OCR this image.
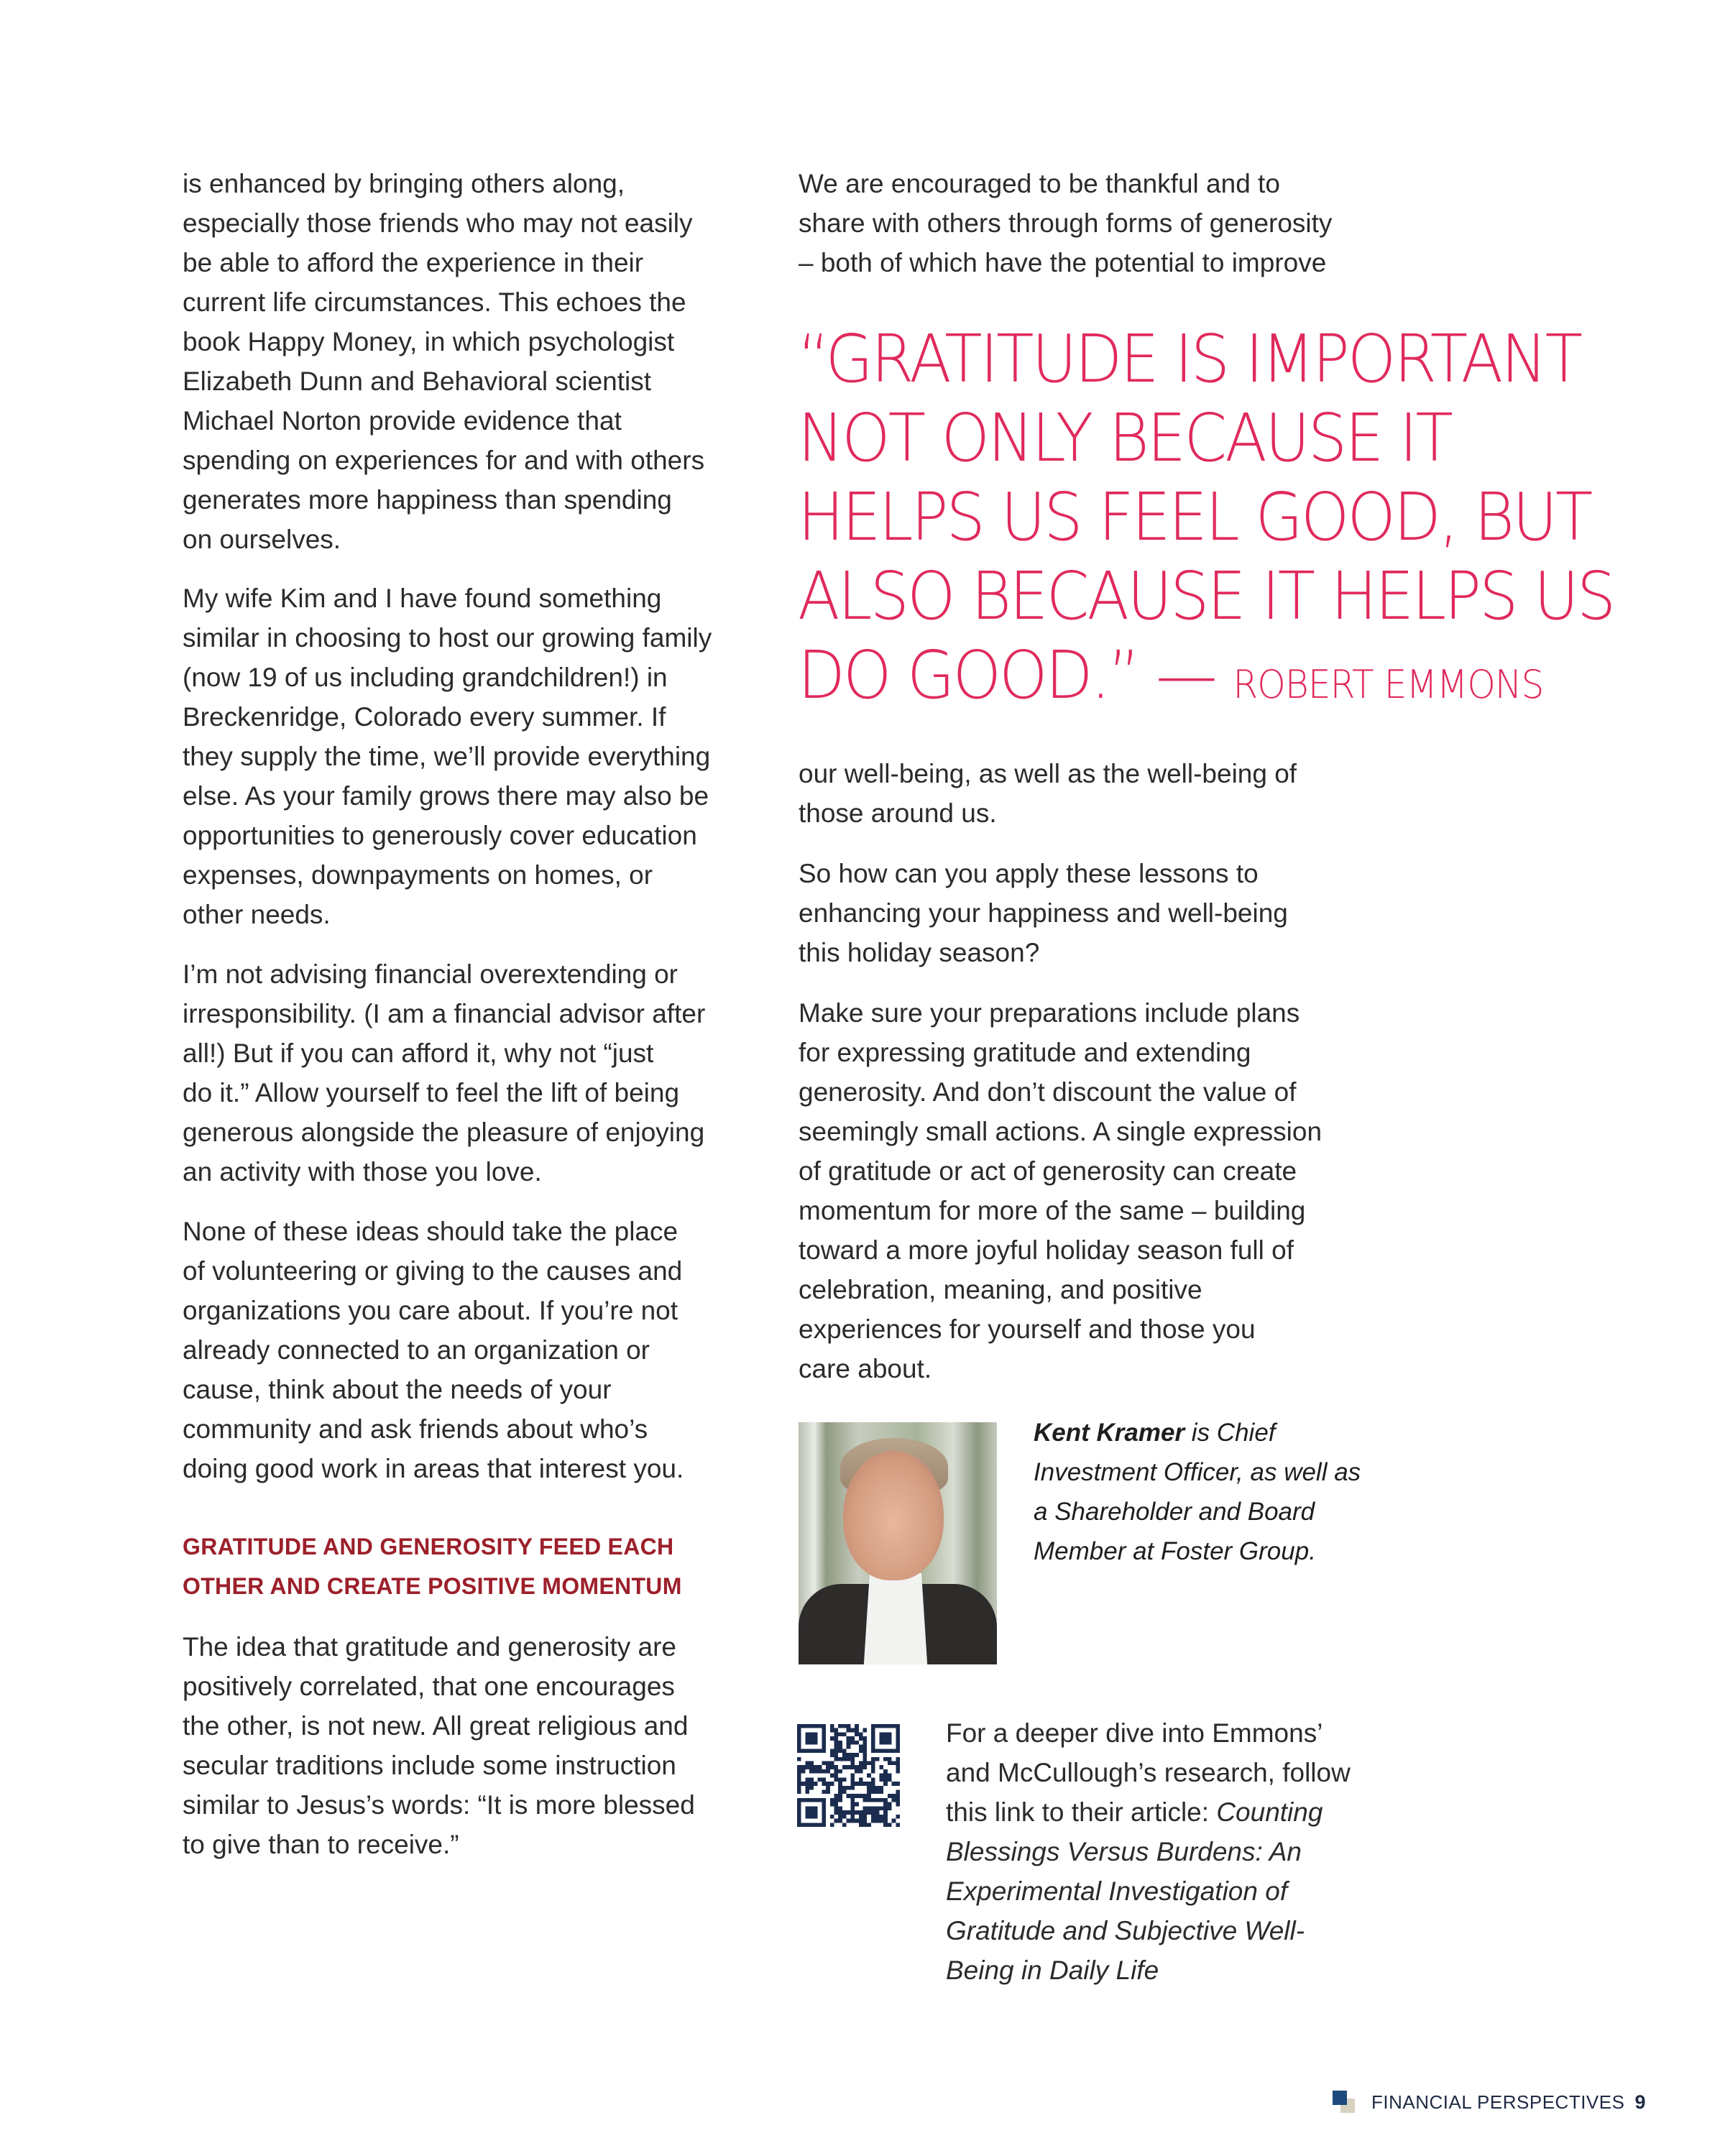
is enhanced by bringing others along,
especially those friends who may not easily
be able to afford the experience in their
current life circumstances. This echoes the
book Happy Money, in which psychologist
Elizabeth Dunn and Behavioral scientist
Michael Norton provide evidence that
spending on experiences for and with others
generates more happiness than spending
on ourselves.
My wife Kim and I have found something
similar in choosing to host our growing family
(now 19 of us including grandchildren!) in
Breckenridge, Colorado every summer. If
they supply the time, we’ll provide everything
else. As your family grows there may also be
opportunities to generously cover education
expenses, downpayments on homes, or
other needs.
I’m not advising financial overextending or
irresponsibility. (I am a financial advisor after
all!) But if you can afford it, why not “just
do it.” Allow yourself to feel the lift of being
generous alongside the pleasure of enjoying
an activity with those you love.
None of these ideas should take the place
of volunteering or giving to the causes and
organizations you care about. If you’re not
already connected to an organization or
cause, think about the needs of your
community and ask friends about who’s
doing good work in areas that interest you.
GRATITUDE AND GENEROSITY FEED EACH
OTHER AND CREATE POSITIVE MOMENTUM
The idea that gratitude and generosity are
positively correlated, that one encourages
the other, is not new. All great religious and
secular traditions include some instruction
similar to Jesus’s words: “It is more blessed
to give than to receive.”
We are encouraged to be thankful and to
share with others through forms of generosity
– both of which have the potential to improve
“GRATITUDE IS IMPORTANT
NOT ONLY BECAUSE IT
HELPS US FEEL GOOD, BUT
ALSO BECAUSE IT HELPS US
DO GOOD.” — ROBERT EMMONS
our well-being, as well as the well-being of
those around us.
So how can you apply these lessons to
enhancing your happiness and well-being
this holiday season?
Make sure your preparations include plans
for expressing gratitude and extending
generosity. And don’t discount the value of
seemingly small actions. A single expression
of gratitude or act of generosity can create
momentum for more of the same – building
toward a more joyful holiday season full of
celebration, meaning, and positive
experiences for yourself and those you
care about.
Kent Kramer is Chief
Investment Officer, as well as
a Shareholder and Board
Member at Foster Group.
For a deeper dive into Emmons’
and McCullough’s research, follow
this link to their article: Counting
Blessings Versus Burdens: An
Experimental Investigation of
Gratitude and Subjective Well-
Being in Daily Life
FINANCIAL PERSPECTIVES 9
